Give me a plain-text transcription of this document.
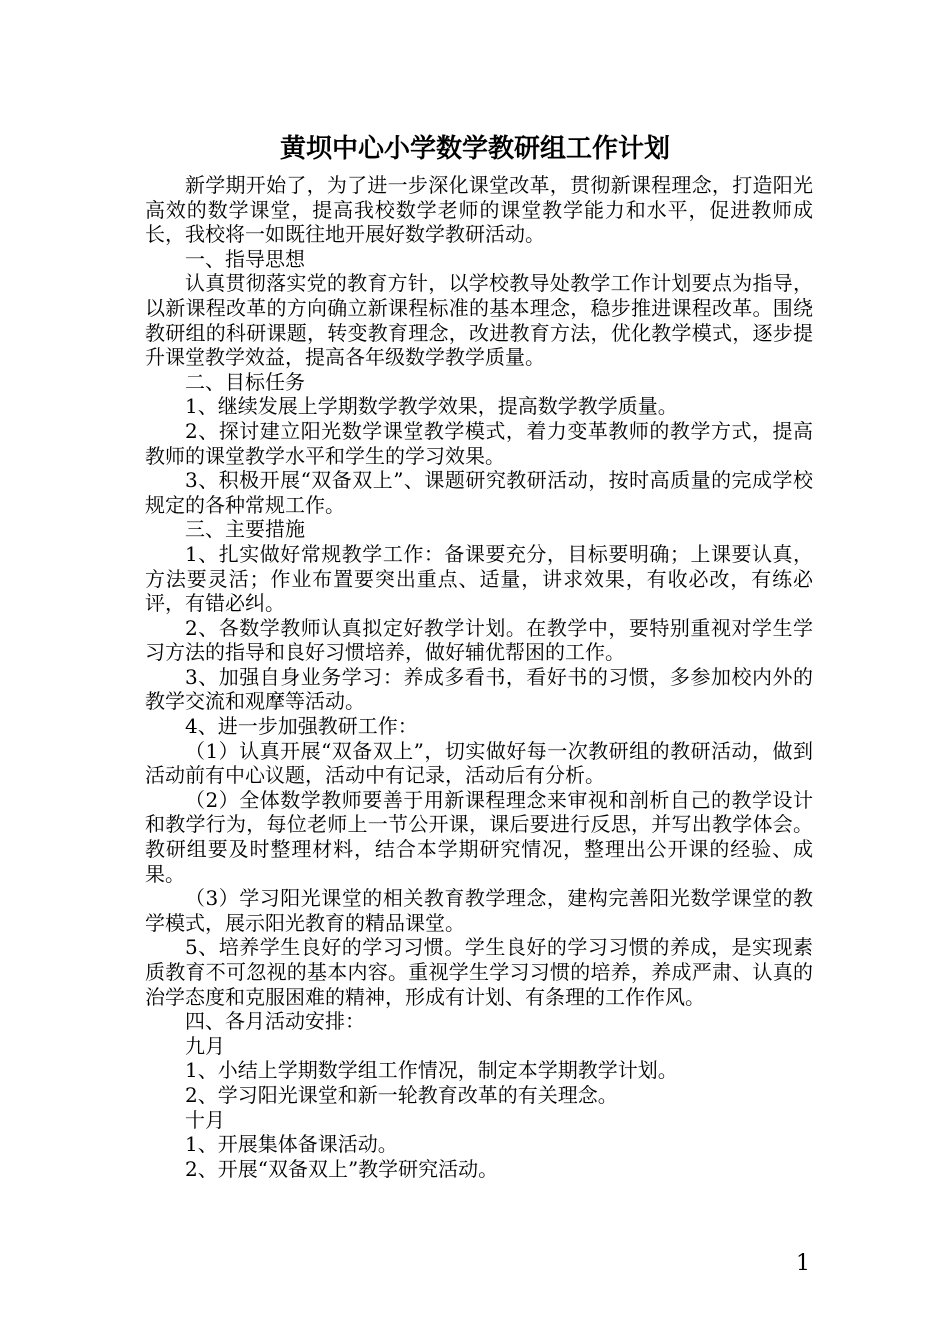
黄坝中心小学数学教研组工作计划

新学期开始了，为了进一步深化课堂改革，贯彻新课程理念，打造阳光高效的数学课堂，提高我校数学老师的课堂教学能力和水平，促进教师成长，我校将一如既往地开展好数学教研活动。

一、指导思想

认真贯彻落实党的教育方针，以学校教导处教学工作计划要点为指导，以新课程改革的方向确立新课程标准的基本理念，稳步推进课程改革。围绕教研组的科研课题，转变教育理念，改进教育方法，优化教学模式，逐步提升课堂教学效益，提高各年级数学教学质量。

二、目标任务

1、继续发展上学期数学教学效果，提高数学教学质量。

2、探讨建立阳光数学课堂教学模式，着力变革教师的教学方式，提高教师的课堂教学水平和学生的学习效果。

3、积极开展“双备双上”、课题研究教研活动，按时高质量的完成学校规定的各种常规工作。

三、主要措施

1、扎实做好常规教学工作：备课要充分，目标要明确；上课要认真，方法要灵活；作业布置要突出重点、适量，讲求效果，有收必改，有练必评，有错必纠。

2、各数学教师认真拟定好教学计划。在教学中，要特别重视对学生学习方法的指导和良好习惯培养，做好辅优帮困的工作。

3、加强自身业务学习：养成多看书，看好书的习惯，多参加校内外的教学交流和观摩等活动。

4、进一步加强教研工作：

（1）认真开展“双备双上”，切实做好每一次教研组的教研活动，做到活动前有中心议题，活动中有记录，活动后有分析。

（2）全体数学教师要善于用新课程理念来审视和剖析自己的教学设计和教学行为，每位老师上一节公开课，课后要进行反思，并写出教学体会。教研组要及时整理材料，结合本学期研究情况，整理出公开课的经验、成果。

（3）学习阳光课堂的相关教育教学理念，建构完善阳光数学课堂的教学模式，展示阳光教育的精品课堂。

5、培养学生良好的学习习惯。学生良好的学习习惯的养成，是实现素质教育不可忽视的基本内容。重视学生学习习惯的培养，养成严肃、认真的治学态度和克服困难的精神，形成有计划、有条理的工作作风。

四、各月活动安排：

九月

1、小结上学期数学组工作情况，制定本学期教学计划。

2、学习阳光课堂和新一轮教育改革的有关理念。

十月

1、开展集体备课活动。

2、开展“双备双上”教学研究活动。

1
